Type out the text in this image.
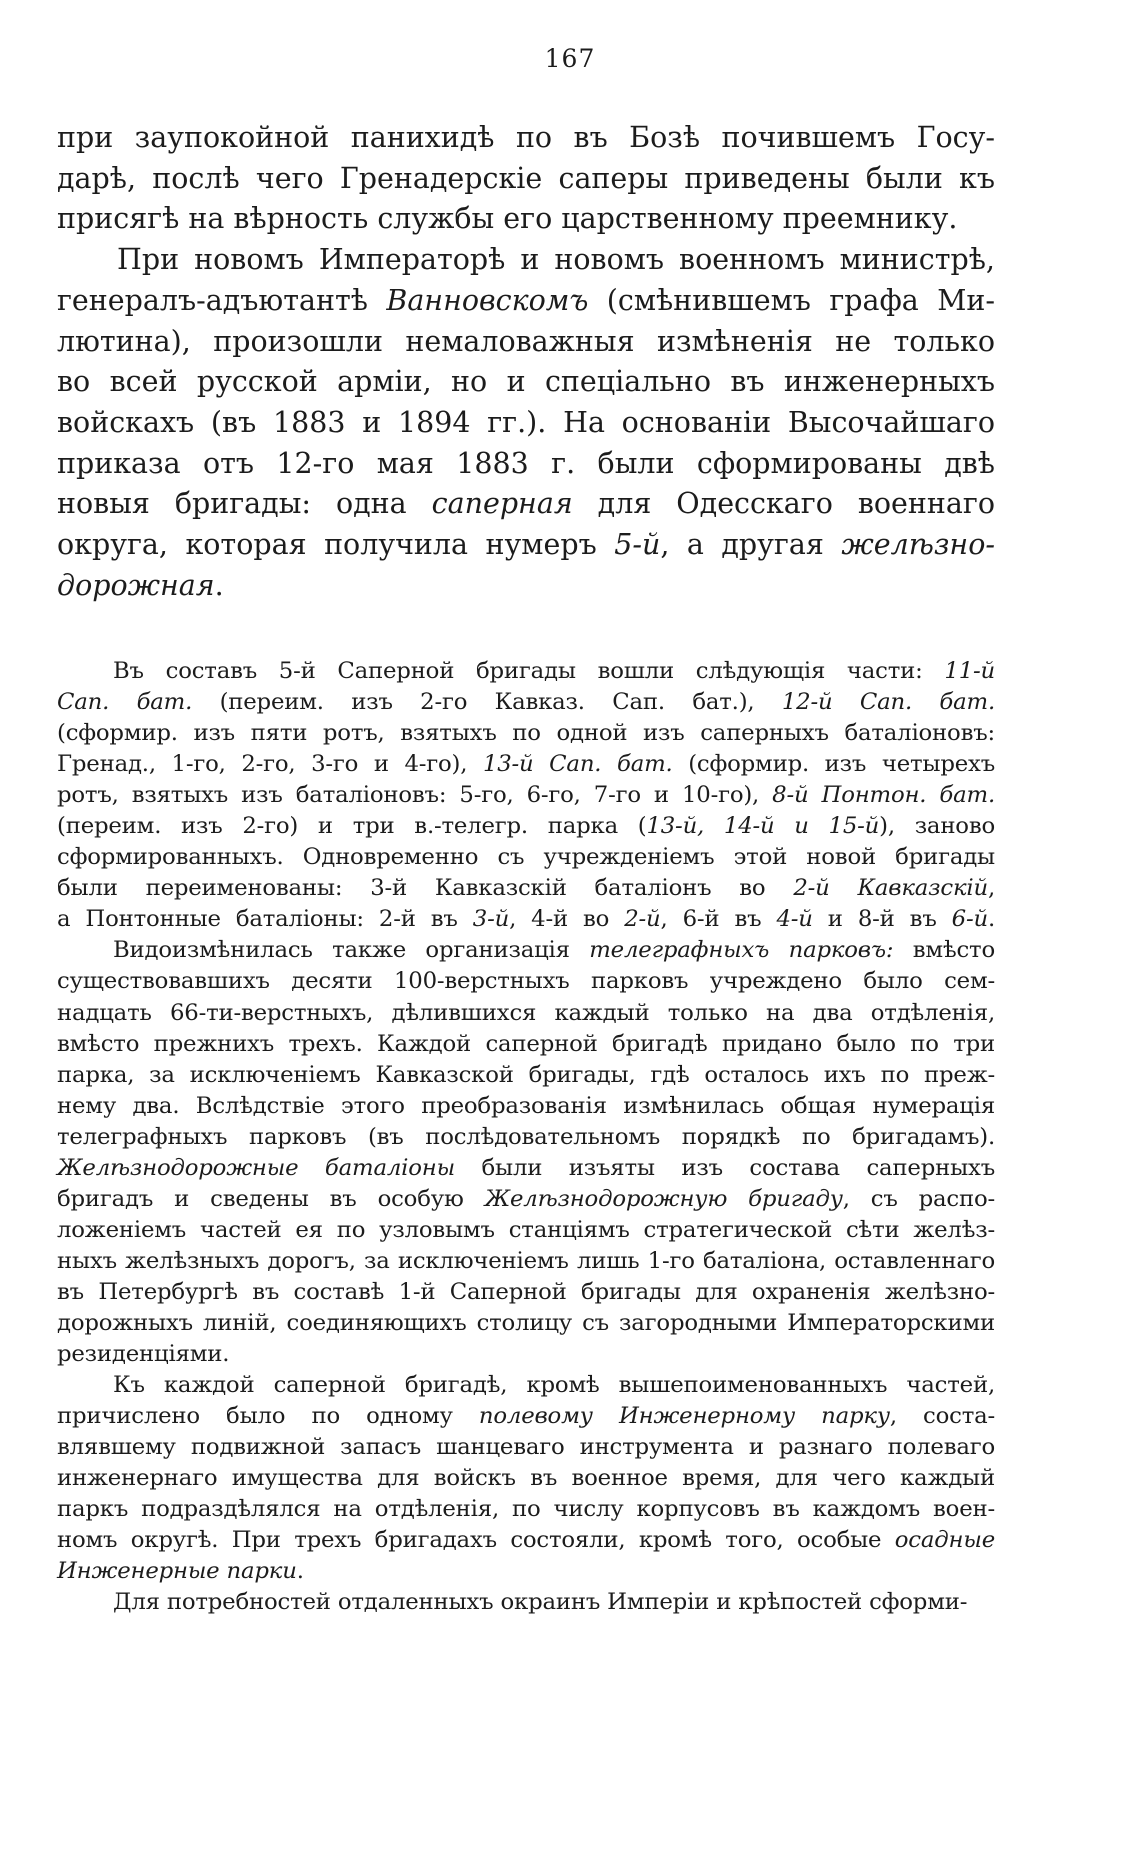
167
при заупокойной панихидѣ по въ Бозѣ почившемъ Госу-
дарѣ, послѣ чего Гренадерскіе саперы приведены были къ
присягѣ на вѣрность службы его царственному преемнику.
При новомъ Императорѣ и новомъ военномъ министрѣ,
генералъ-адъютантѣ Ванновскомъ (смѣнившемъ графа Ми-
лютина), произошли немаловажныя измѣненія не только
во всей русской арміи, но и спеціально въ инженерныхъ
войскахъ (въ 1883 и 1894 гг.). На основаніи Высочайшаго
приказа отъ 12-го мая 1883 г. были сформированы двѣ
новыя бригады: одна саперная для Одесскаго военнаго
округа, которая получила нумеръ 5-й, а другая желѣзно-
дорожная.
Въ составъ 5-й Саперной бригады вошли слѣдующія части: 11-й
Сап. бат. (переим. изъ 2-го Кавказ. Сап. бат.), 12-й Сап. бат.
(сформир. изъ пяти ротъ, взятыхъ по одной изъ саперныхъ баталіоновъ:
Гренад., 1-го, 2-го, 3-го и 4-го), 13-й Сап. бат. (сформир. изъ четырехъ
ротъ, взятыхъ изъ баталіоновъ: 5-го, 6-го, 7-го и 10-го), 8-й Понтон. бат.
(переим. изъ 2-го) и три в.-телегр. парка (13-й, 14-й и 15-й), заново
сформированныхъ. Одновременно съ учрежденіемъ этой новой бригады
были переименованы: 3-й Кавказскій баталіонъ во 2-й Кавказскій,
а Понтонные баталіоны: 2-й въ 3-й, 4-й во 2-й, 6-й въ 4-й и 8-й въ 6-й.
Видоизмѣнилась также организація телеграфныхъ парковъ: вмѣсто
существовавшихъ десяти 100-верстныхъ парковъ учреждено было сем-
надцать 66-ти-верстныхъ, дѣлившихся каждый только на два отдѣленія,
вмѣсто прежнихъ трехъ. Каждой саперной бригадѣ придано было по три
парка, за исключеніемъ Кавказской бригады, гдѣ осталось ихъ по преж-
нему два. Вслѣдствіе этого преобразованія измѣнилась общая нумерація
телеграфныхъ парковъ (въ послѣдовательномъ порядкѣ по бригадамъ).
Желѣзнодорожные баталіоны были изъяты изъ состава саперныхъ
бригадъ и сведены въ особую Желѣзнодорожную бригаду, съ распо-
ложеніемъ частей ея по узловымъ станціямъ стратегической сѣти желѣз-
ныхъ желѣзныхъ дорогъ, за исключеніемъ лишь 1-го баталіона, оставленнаго
въ Петербургѣ въ составѣ 1-й Саперной бригады для охраненія желѣзно-
дорожныхъ линій, соединяющихъ столицу съ загородными Императорскими
резиденціями.
Къ каждой саперной бригадѣ, кромѣ вышепоименованныхъ частей,
причислено было по одному полевому Инженерному парку, соста-
влявшему подвижной запасъ шанцеваго инструмента и разнаго полеваго
инженернаго имущества для войскъ въ военное время, для чего каждый
паркъ подраздѣлялся на отдѣленія, по числу корпусовъ въ каждомъ воен-
номъ округѣ. При трехъ бригадахъ состояли, кромѣ того, особые осадные
Инженерные парки.
Для потребностей отдаленныхъ окраинъ Имперіи и крѣпостей сформи-
